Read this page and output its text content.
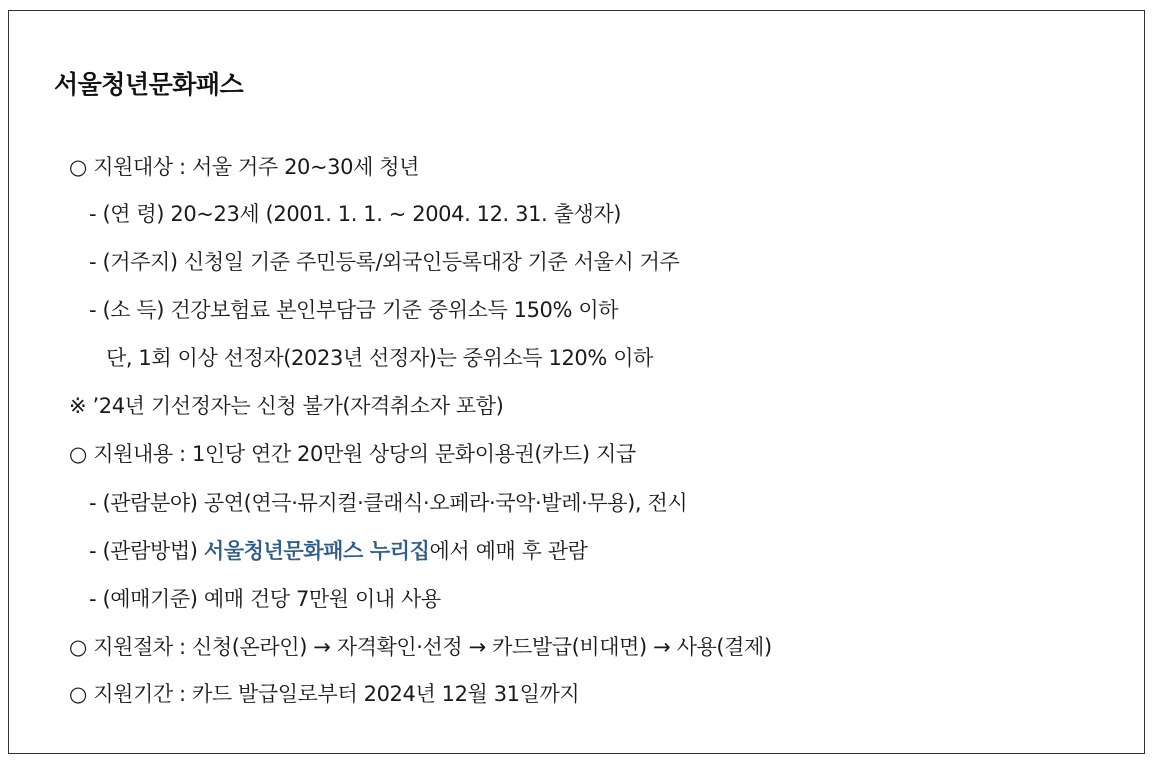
서울청년문화패스
○ 지원대상 : 서울 거주 20~30세 청년
- (연 령) 20~23세 (2001. 1. 1. ~ 2004. 12. 31. 출생자)
- (거주지) 신청일 기준 주민등록/외국인등록대장 기준 서울시 거주
- (소 득) 건강보험료 본인부담금 기준 중위소득 150% 이하
단, 1회 이상 선정자(2023년 선정자)는 중위소득 120% 이하
※ ’24년 기선정자는 신청 불가(자격취소자 포함)
○ 지원내용 : 1인당 연간 20만원 상당의 문화이용권(카드) 지급
- (관람분야) 공연(연극·뮤지컬·클래식·오페라·국악·발레·무용), 전시
- (관람방법) 서울청년문화패스 누리집에서 예매 후 관람
- (예매기준) 예매 건당 7만원 이내 사용
○ 지원절차 : 신청(온라인) → 자격확인·선정 → 카드발급(비대면) → 사용(결제)
○ 지원기간 : 카드 발급일로부터 2024년 12월 31일까지
